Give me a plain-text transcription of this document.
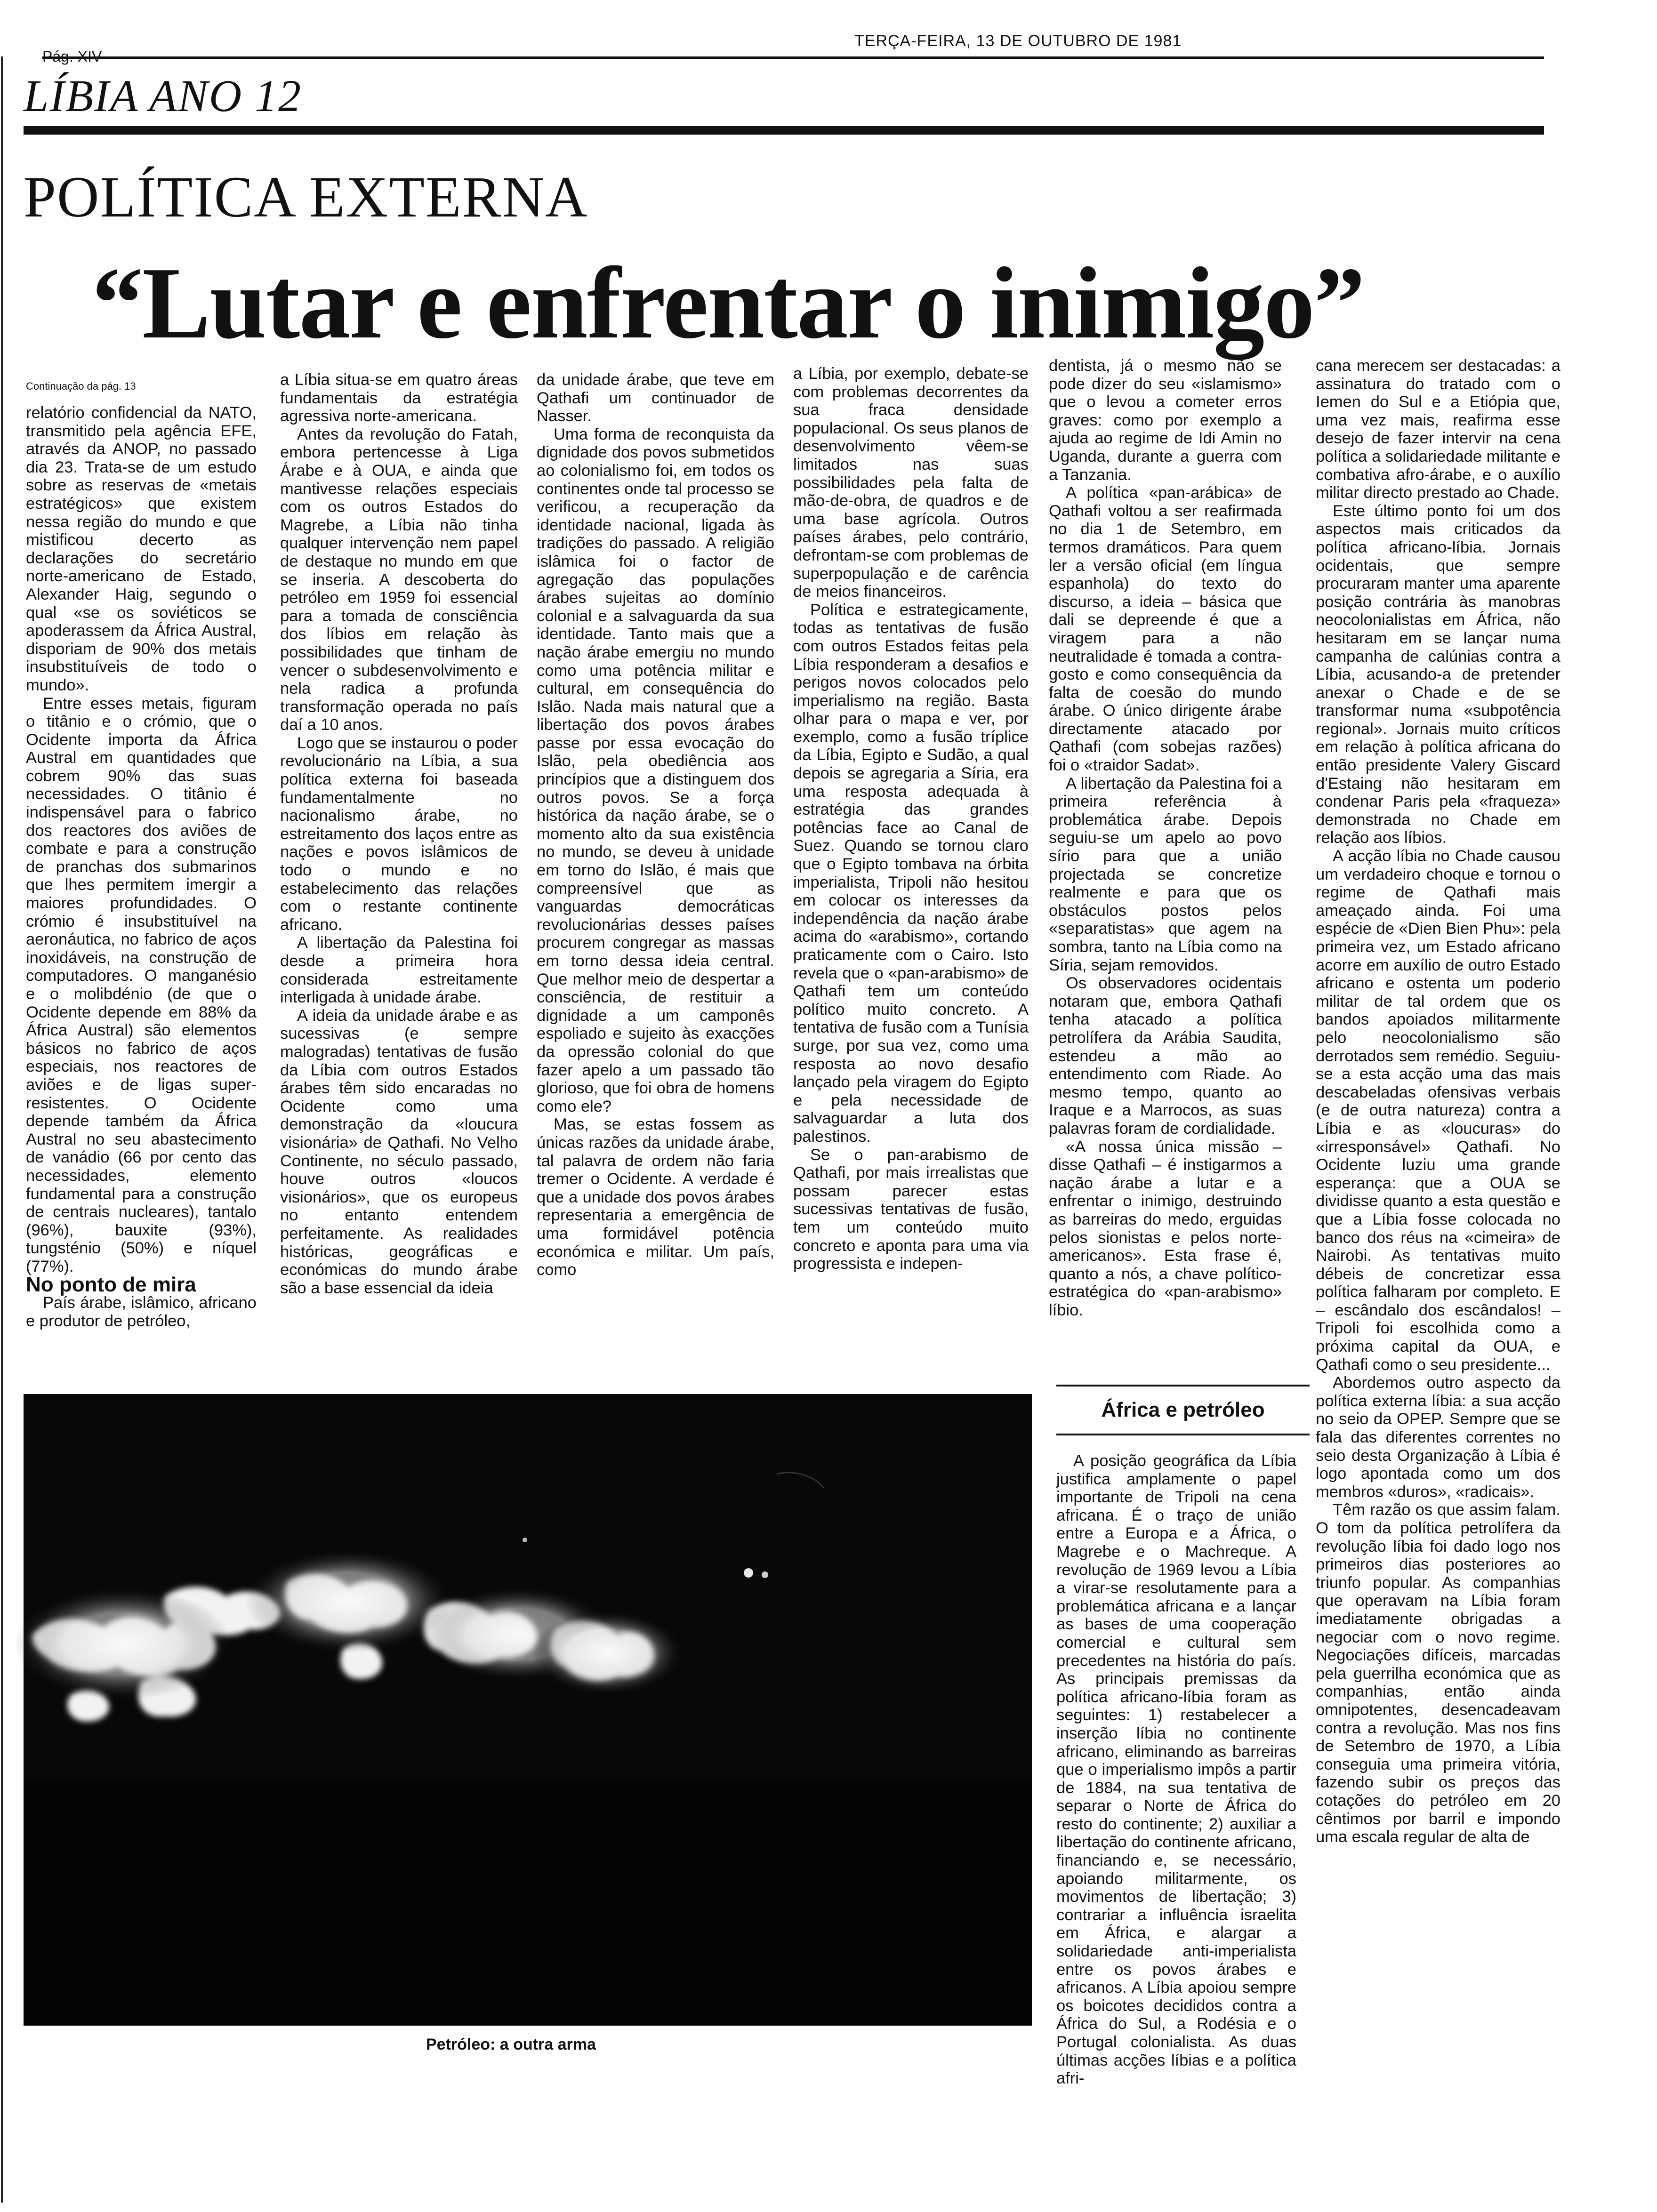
TERÇA-FEIRA, 13 DE OUTUBRO DE 1981
LÍBIA ANO 12
POLÍTICA EXTERNA
“Lutar e enfrentar o inimigo”
Continuação da pág. 13

relatório confidencial da NATO, transmitido pela agência EFE, através da ANOP, no passado dia 23. Trata-se de um estudo sobre as reservas de «metais estratégicos» que existem nessa região do mundo e que mistificou decerto as declarações do secretário norte-americano de Estado, Alexander Haig, segundo o qual «se os soviéticos se apoderassem da África Austral, disporiam de 90% dos metais insubstituíveis de todo o mundo».

Entre esses metais, figuram o titânio e o crómio, que o Ocidente importa da África Austral em quantidades que cobrem 90% das suas necessidades. O titânio é indispensável para o fabrico dos reactores dos aviões de combate e para a construção de pranchas dos submarinos que lhes permitem imergir a maiores profundidades. O crómio é insubstituível na aeronáutica, no fabrico de aços inoxidáveis, na construção de computadores. O manganésio e o molibdénio (de que o Ocidente depende em 88% da África Austral) são elementos básicos no fabrico de aços especiais, nos reactores de aviões e de ligas super-resistentes. O Ocidente depende também da África Austral no seu abastecimento de vanádio (66 por cento das necessidades, elemento fundamental para a construção de centrais nucleares), tantalo (96%), bauxite (93%), tungsténio (50%) e níquel (77%).

No ponto de mira

País árabe, islâmico, africano e produtor de petróleo,

a Líbia situa-se em quatro áreas fundamentais da estratégia agressiva norte-americana.

Antes da revolução do Fatah, embora pertencesse à Liga Árabe e à OUA, e ainda que mantivesse relações especiais com os outros Estados do Magrebe, a Líbia não tinha qualquer intervenção nem papel de destaque no mundo em que se inseria. A descoberta do petróleo em 1959 foi essencial para a tomada de consciência dos líbios em relação às possibilidades que tinham de vencer o subdesenvolvimento e nela radica a profunda transformação operada no país daí a 10 anos.

Logo que se instaurou o poder revolucionário na Líbia, a sua política externa foi baseada fundamentalmente no nacionalismo árabe, no estreitamento dos laços entre as nações e povos islâmicos de todo o mundo e no estabelecimento das relações com o restante continente africano.

A libertação da Palestina foi desde a primeira hora considerada estreitamente interligada à unidade árabe.

A ideia da unidade árabe e as sucessivas (e sempre malogradas) tentativas de fusão da Líbia com outros Estados árabes têm sido encaradas no Ocidente como uma demonstração da «loucura visionária» de Qathafi. No Velho Continente, no século passado, houve outros «loucos visionários», que os europeus no entanto entendem perfeitamente. As realidades históricas, geográficas e económicas do mundo árabe são a base essencial da ideia

da unidade árabe, que teve em Qathafi um continuador de Nasser.

Uma forma de reconquista da dignidade dos povos submetidos ao colonialismo foi, em todos os continentes onde tal processo se verificou, a recuperação da identidade nacional, ligada às tradições do passado. A religião islâmica foi o factor de agregação das populações árabes sujeitas ao domínio colonial e a salvaguarda da sua identidade. Tanto mais que a nação árabe emergiu no mundo como uma potência militar e cultural, em consequência do Islão. Nada mais natural que a libertação dos povos árabes passe por essa evocação do Islão, pela obediência aos princípios que a distinguem dos outros povos. Se a força histórica da nação árabe, se o momento alto da sua existência no mundo, se deveu à unidade em torno do Islão, é mais que compreensível que as vanguardas democráticas revolucionárias desses países procurem congregar as massas em torno dessa ideia central. Que melhor meio de despertar a consciência, de restituir a dignidade a um camponês espoliado e sujeito às exacções da opressão colonial do que fazer apelo a um passado tão glorioso, que foi obra de homens como ele?

Mas, se estas fossem as únicas razões da unidade árabe, tal palavra de ordem não faria tremer o Ocidente. A verdade é que a unidade dos povos árabes representaria a emergência de uma formidável potência económica e militar. Um país, como

a Líbia, por exemplo, debate-se com problemas decorrentes da sua fraca densidade populacional. Os seus planos de desenvolvimento vêem-se limitados nas suas possibilidades pela falta de mão-de-obra, de quadros e de uma base agrícola. Outros países árabes, pelo contrário, defrontam-se com problemas de superpopulação e de carência de meios financeiros.

Política e estrategicamente, todas as tentativas de fusão com outros Estados feitas pela Líbia responderam a desafios e perigos novos colocados pelo imperialismo na região. Basta olhar para o mapa e ver, por exemplo, como a fusão tríplice da Líbia, Egipto e Sudão, a qual depois se agregaria a Síria, era uma resposta adequada à estratégia das grandes potências face ao Canal de Suez. Quando se tornou claro que o Egipto tombava na órbita imperialista, Tripoli não hesitou em colocar os interesses da independência da nação árabe acima do «arabismo», cortando praticamente com o Cairo. Isto revela que o «pan-arabismo» de Qathafi tem um conteúdo político muito concreto. A tentativa de fusão com a Tunísia surge, por sua vez, como uma resposta ao novo desafio lançado pela viragem do Egipto e pela necessidade de salvaguardar a luta dos palestinos.

Se o pan-arabismo de Qathafi, por mais irrealistas que possam parecer estas sucessivas tentativas de fusão, tem um conteúdo muito concreto e aponta para uma via progressista e indepen-

dentista, já o mesmo não se pode dizer do seu «islamismo» que o levou a cometer erros graves: como por exemplo a ajuda ao regime de Idi Amin no Uganda, durante a guerra com a Tanzania.

A política «pan-arábica» de Qathafi voltou a ser reafirmada no dia 1 de Setembro, em termos dramáticos. Para quem ler a versão oficial (em língua espanhola) do texto do discurso, a ideia – básica que dali se depreende é que a viragem para a não neutralidade é tomada a contra-gosto e como consequência da falta de coesão do mundo árabe. O único dirigente árabe directamente atacado por Qathafi (com sobejas razões) foi o «traidor Sadat».

A libertação da Palestina foi a primeira referência à problemática árabe. Depois seguiu-se um apelo ao povo sírio para que a união projectada se concretize realmente e para que os obstáculos postos pelos «separatistas» que agem na sombra, tanto na Líbia como na Síria, sejam removidos.

Os observadores ocidentais notaram que, embora Qathafi tenha atacado a política petrolífera da Arábia Saudita, estendeu a mão ao entendimento com Riade. Ao mesmo tempo, quanto ao Iraque e a Marrocos, as suas palavras foram de cordialidade.

«A nossa única missão – disse Qathafi – é instigarmos a nação árabe a lutar e a enfrentar o inimigo, destruindo as barreiras do medo, erguidas pelos sionistas e pelos norte-americanos». Esta frase é, quanto a nós, a chave político-estratégica do «pan-arabismo» líbio.

cana merecem ser destacadas: a assinatura do tratado com o Iemen do Sul e a Etiópia que, uma vez mais, reafirma esse desejo de fazer intervir na cena política a solidariedade militante e combativa afro-árabe, e o auxílio militar directo prestado ao Chade.

Este último ponto foi um dos aspectos mais criticados da política africano-líbia. Jornais ocidentais, que sempre procuraram manter uma aparente posição contrária às manobras neocolonialistas em África, não hesitaram em se lançar numa campanha de calúnias contra a Líbia, acusando-a de pretender anexar o Chade e de se transformar numa «subpotência regional». Jornais muito críticos em relação à política africana do então presidente Valery Giscard d'Estaing não hesitaram em condenar Paris pela «fraqueza» demonstrada no Chade em relação aos líbios.

A acção líbia no Chade causou um verdadeiro choque e tornou o regime de Qathafi mais ameaçado ainda. Foi uma espécie de «Dien Bien Phu»: pela primeira vez, um Estado africano acorre em auxílio de outro Estado africano e ostenta um poderio militar de tal ordem que os bandos apoiados militarmente pelo neocolonialismo são derrotados sem remédio. Seguiu-se a esta acção uma das mais descabeladas ofensivas verbais (e de outra natureza) contra a Líbia e as «loucuras» do «irresponsável» Qathafi. No Ocidente luziu uma grande esperança: que a OUA se dividisse quanto a esta questão e que a Líbia fosse colocada no banco dos réus na «cimeira» de Nairobi. As tentativas muito débeis de concretizar essa política falharam por completo. E – escândalo dos escândalos! – Tripoli foi escolhida como a próxima capital da OUA, e Qathafi como o seu presidente...

Abordemos outro aspecto da política externa líbia: a sua acção no seio da OPEP. Sempre que se fala das diferentes correntes no seio desta Organização à Líbia é logo apontada como um dos membros «duros», «radicais».

Têm razão os que assim falam. O tom da política petrolífera da revolução líbia foi dado logo nos primeiros dias posteriores ao triunfo popular. As companhias que operavam na Líbia foram imediatamente obrigadas a negociar com o novo regime. Negociações difíceis, marcadas pela guerrilha económica que as companhias, então ainda omnipotentes, desencadeavam contra a revolução. Mas nos fins de Setembro de 1970, a Líbia conseguia uma primeira vitória, fazendo subir os preços das cotações do petróleo em 20 cêntimos por barril e impondo uma escala regular de alta de

África e petróleo

A posição geográfica da Líbia justifica amplamente o papel importante de Tripoli na cena africana. É o traço de união entre a Europa e a África, o Magrebe e o Machreque. A revolução de 1969 levou a Líbia a virar-se resolutamente para a problemática africana e a lançar as bases de uma cooperação comercial e cultural sem precedentes na história do país. As principais premissas da política africano-líbia foram as seguintes: 1) restabelecer a inserção líbia no continente africano, eliminando as barreiras que o imperialismo impôs a partir de 1884, na sua tentativa de separar o Norte de África do resto do continente; 2) auxiliar a libertação do continente africano, financiando e, se necessário, apoiando militarmente, os movimentos de libertação; 3) contrariar a influência israelita em África, e alargar a solidariedade anti-imperialista entre os povos árabes e africanos. A Líbia apoiou sempre os boicotes decididos contra a África do Sul, a Rodésia e o Portugal colonialista. As duas últimas acções líbias e a política afri-

Petróleo: a outra arma
